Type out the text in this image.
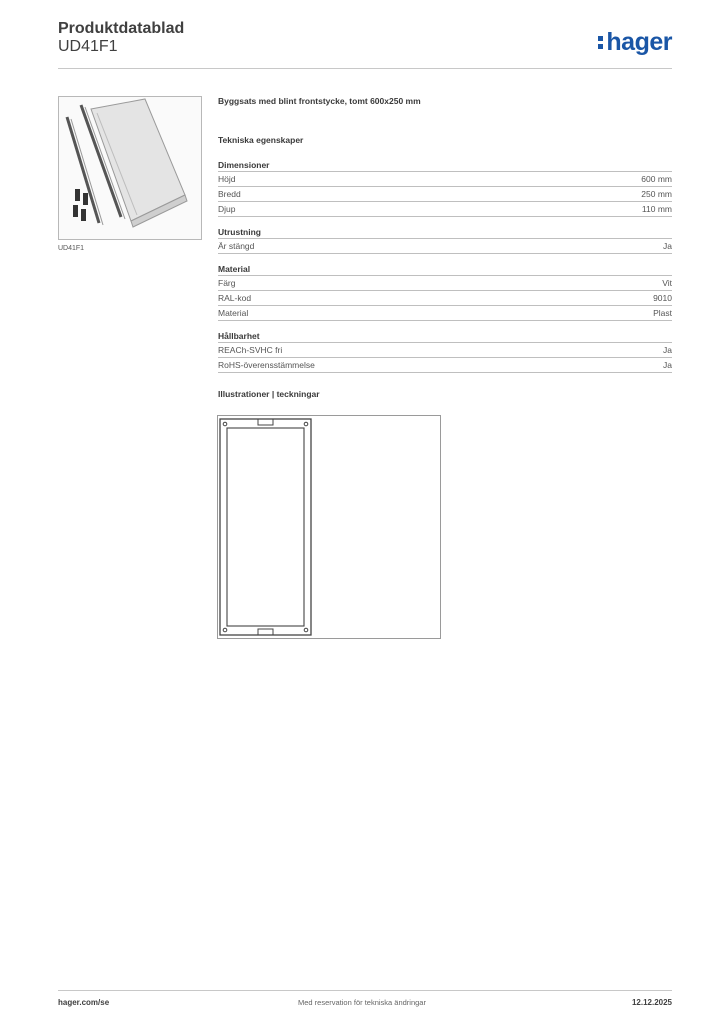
Produktdatablad
UD41F1	hager
UD41F1
Byggsats med blint frontstycke, tomt 600x250 mm
Tekniska egenskaper
Dimensioner
Höjd	600 mm
Bredd	250 mm
Djup	110 mm
Utrustning
Är stängd	Ja
Material
Färg	Vit
RAL-kod	9010
Material	Plast
Hållbarhet
REACh-SVHC fri	Ja
RoHS-överensstämmelse	Ja
Illustrationer | teckningar
hager.com/se	Med reservation för tekniska ändringar	12.12.2025
